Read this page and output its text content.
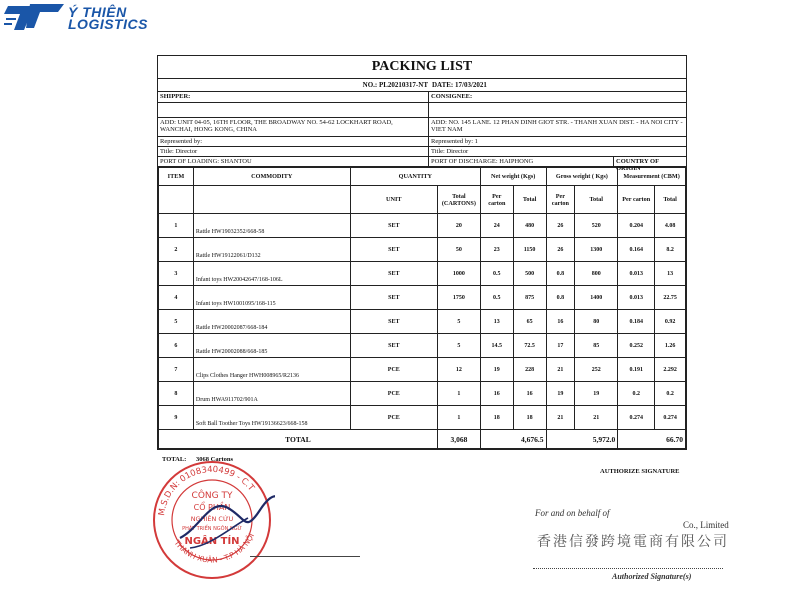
Ý THIÊN
LOGISTICS
PACKING LIST
NO.: PL20210317-NT DATE: 17/03/2021
SHIPPER:	CONSIGNEE:
ADD: UNIT 04-05, 16TH FLOOR, THE BROADWAY NO. 54-62 LOCKHART ROAD, WANCHAI, HONG KONG, CHINA
ADD: NO. 145 LANE. 12 PHAN DINH GIOT STR. - THANH XUAN DIST. - HA NOI CITY - VIET NAM
Represented by:	Represented by: 1
Title: Director	Title: Director
PORT OF LOADING: SHANTOU	PORT OF DISCHARGE: HAIPHONG	COUNTRY OF ORIGIN
ITEM	COMMODITY	QUANTITY		Net weight (Kgs)		Gross weight ( Kgs)		Measurement (CBM)	
		UNIT	Total (CARTONS)	Per carton	Total	Per carton	Total	Per carton	Total
1	Rattle HW19032352/668-58	SET	20	24	480	26	520	0.204	4.08
2	Rattle HW19122061/D132	SET	50	23	1150	26	1300	0.164	8.2
3	Infant toys HW20042647/168-106L	SET	1000	0.5	500	0.8	800	0.013	13
4	Infant toys HW1001095/168-115	SET	1750	0.5	875	0.8	1400	0.013	22.75
5	Rattle HW20002087/668-184	SET	5	13	65	16	80	0.184	0.92
6	Rattle HW20002088/668-185	SET	5	14.5	72.5	17	85	0.252	1.26
7	Clips Clothes Hanger HWH008965/R2136	PCE	12	19	228	21	252	0.191	2.292
8	Drum HWA911702/901A	PCE	1	16	16	19	19	0.2	0.2
9	Soft Ball Toother Toys HW19136623/668-158	PCE	1	18	18	21	21	0.274	0.274
TOTAL			3,068	4,676.5		5,972.0		66.70	
TOTAL: 3068 Cartons
AUTHORIZE SIGNATURE
M.S.D.N: 0108340499 - C.T
THANH XUÂN - T.P HÀ NỘI
CÔNG TY
CỔ PHẦN
NGHIÊN CỨU
PHÁT TRIỂN NGÔN NGỮ
NGÂN TÍN
For and on behalf of
Co., Limited
香港信發跨境電商有限公司
Authorized Signature(s)
